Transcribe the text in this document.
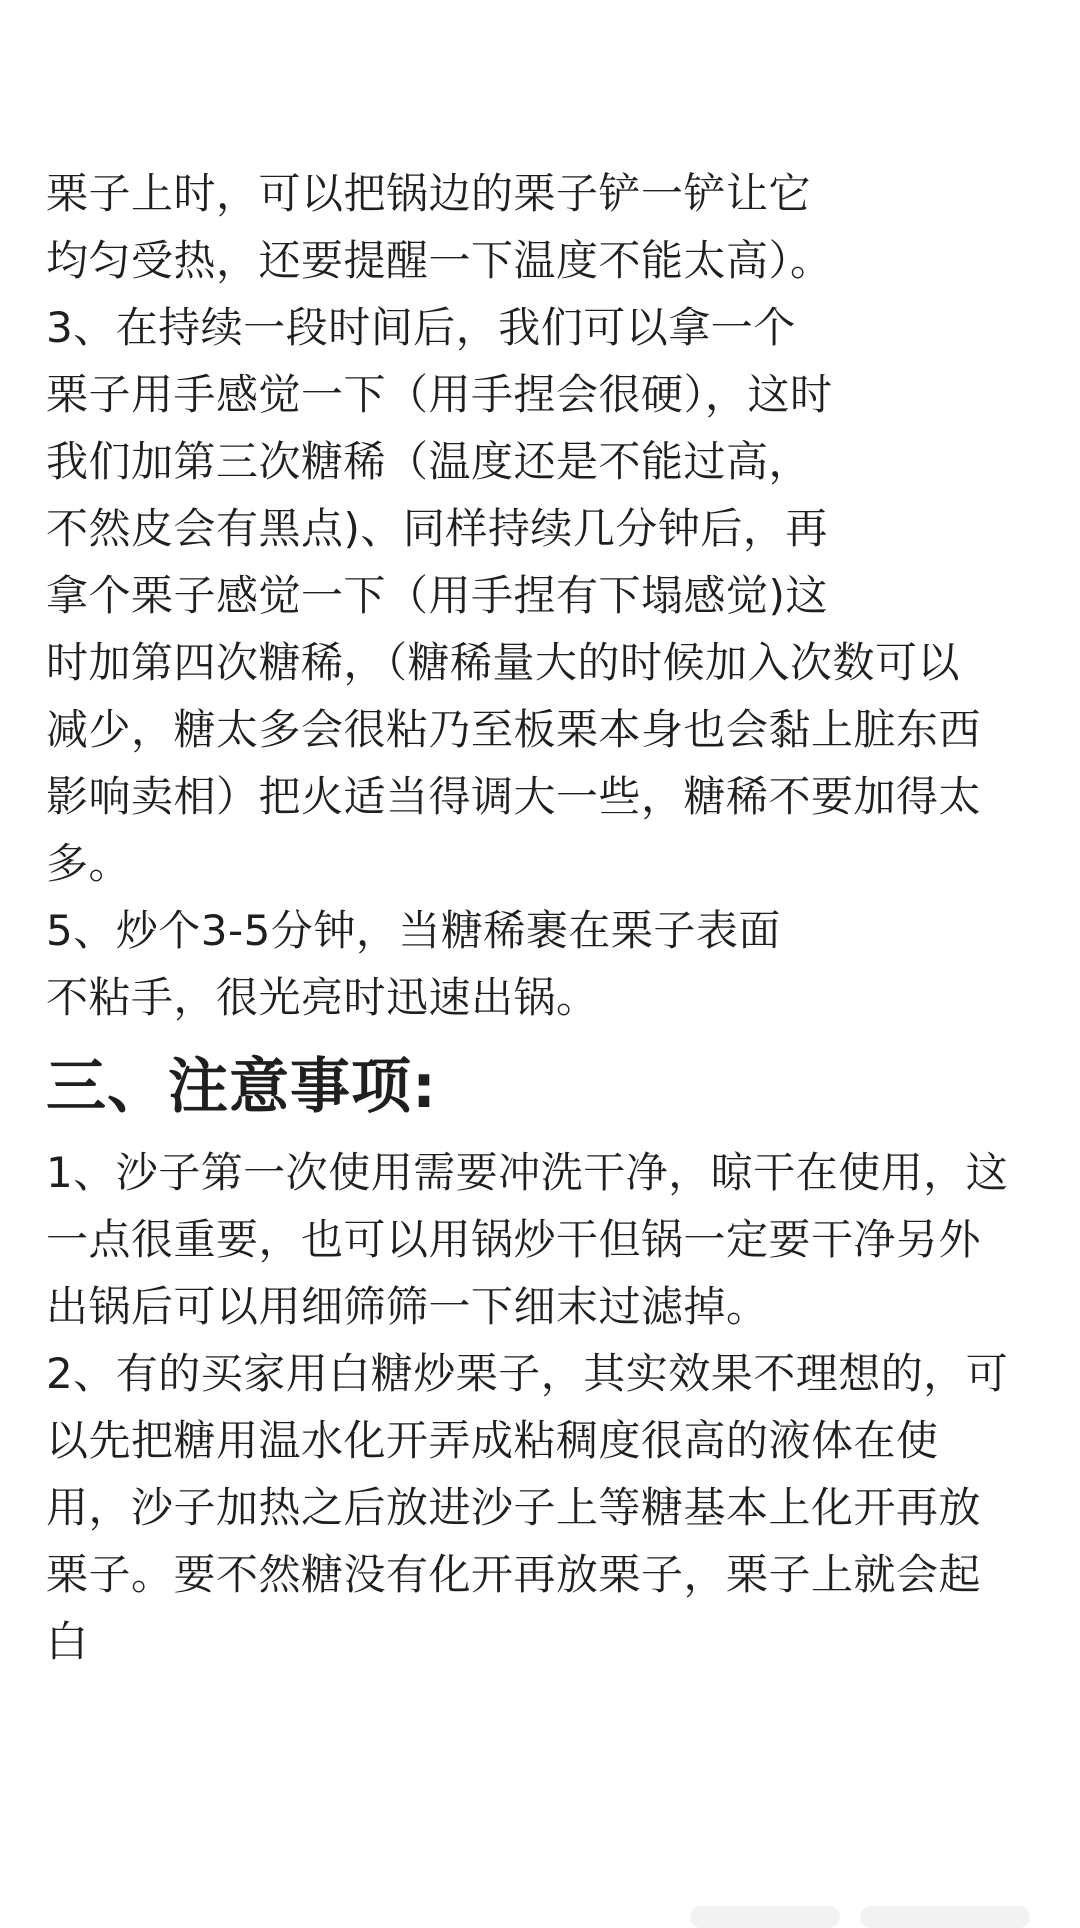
栗子上时，可以把锅边的栗子铲一铲让它

均匀受热，还要提醒一下温度不能太高）。

3、在持续一段时间后，我们可以拿一个

栗子用手感觉一下（用手捏会很硬），这时

我们加第三次糖稀（温度还是不能过高，

不然皮会有黑点)、同样持续几分钟后，再

拿个栗子感觉一下（用手捏有下塌感觉)这

时加第四次糖稀，（糖稀量大的时候加入次数可以

减少，糖太多会很粘乃至板栗本身也会黏上脏东西

影响卖相）把火适当得调大一些，糖稀不要加得太

多。

5、炒个3-5分钟，当糖稀裹在栗子表面

不粘手，很光亮时迅速出锅。

三、注意事项:

1、沙子第一次使用需要冲洗干净，晾干在使用，这

一点很重要，也可以用锅炒干但锅一定要干净另外

出锅后可以用细筛筛一下细末过滤掉。

2、有的买家用白糖炒栗子，其实效果不理想的，可

以先把糖用温水化开弄成粘稠度很高的液体在使

用，沙子加热之后放进沙子上等糖基本上化开再放

栗子。要不然糖没有化开再放栗子，栗子上就会起

白
